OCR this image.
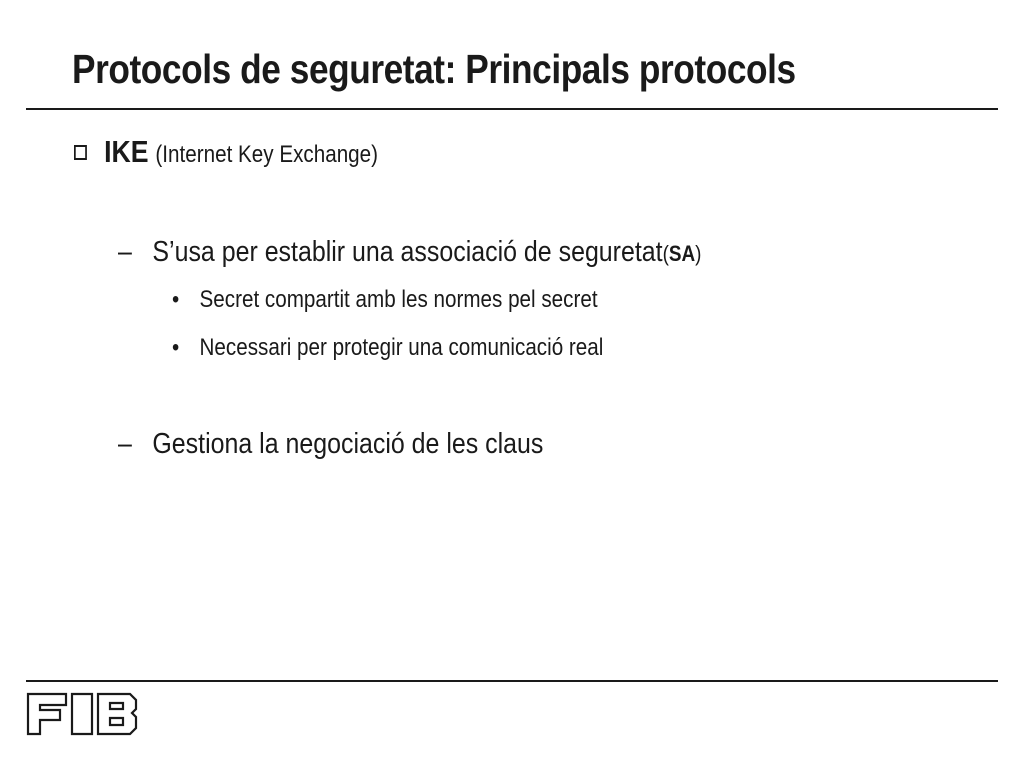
Protocols de seguretat: Principals protocols
IKE (Internet Key Exchange)
– S’usa per establir una associació de seguretat ( SA )
• Secret compartit amb les normes pel secret
• Necessari per protegir una comunicació real
– Gestiona la negociació de les claus
